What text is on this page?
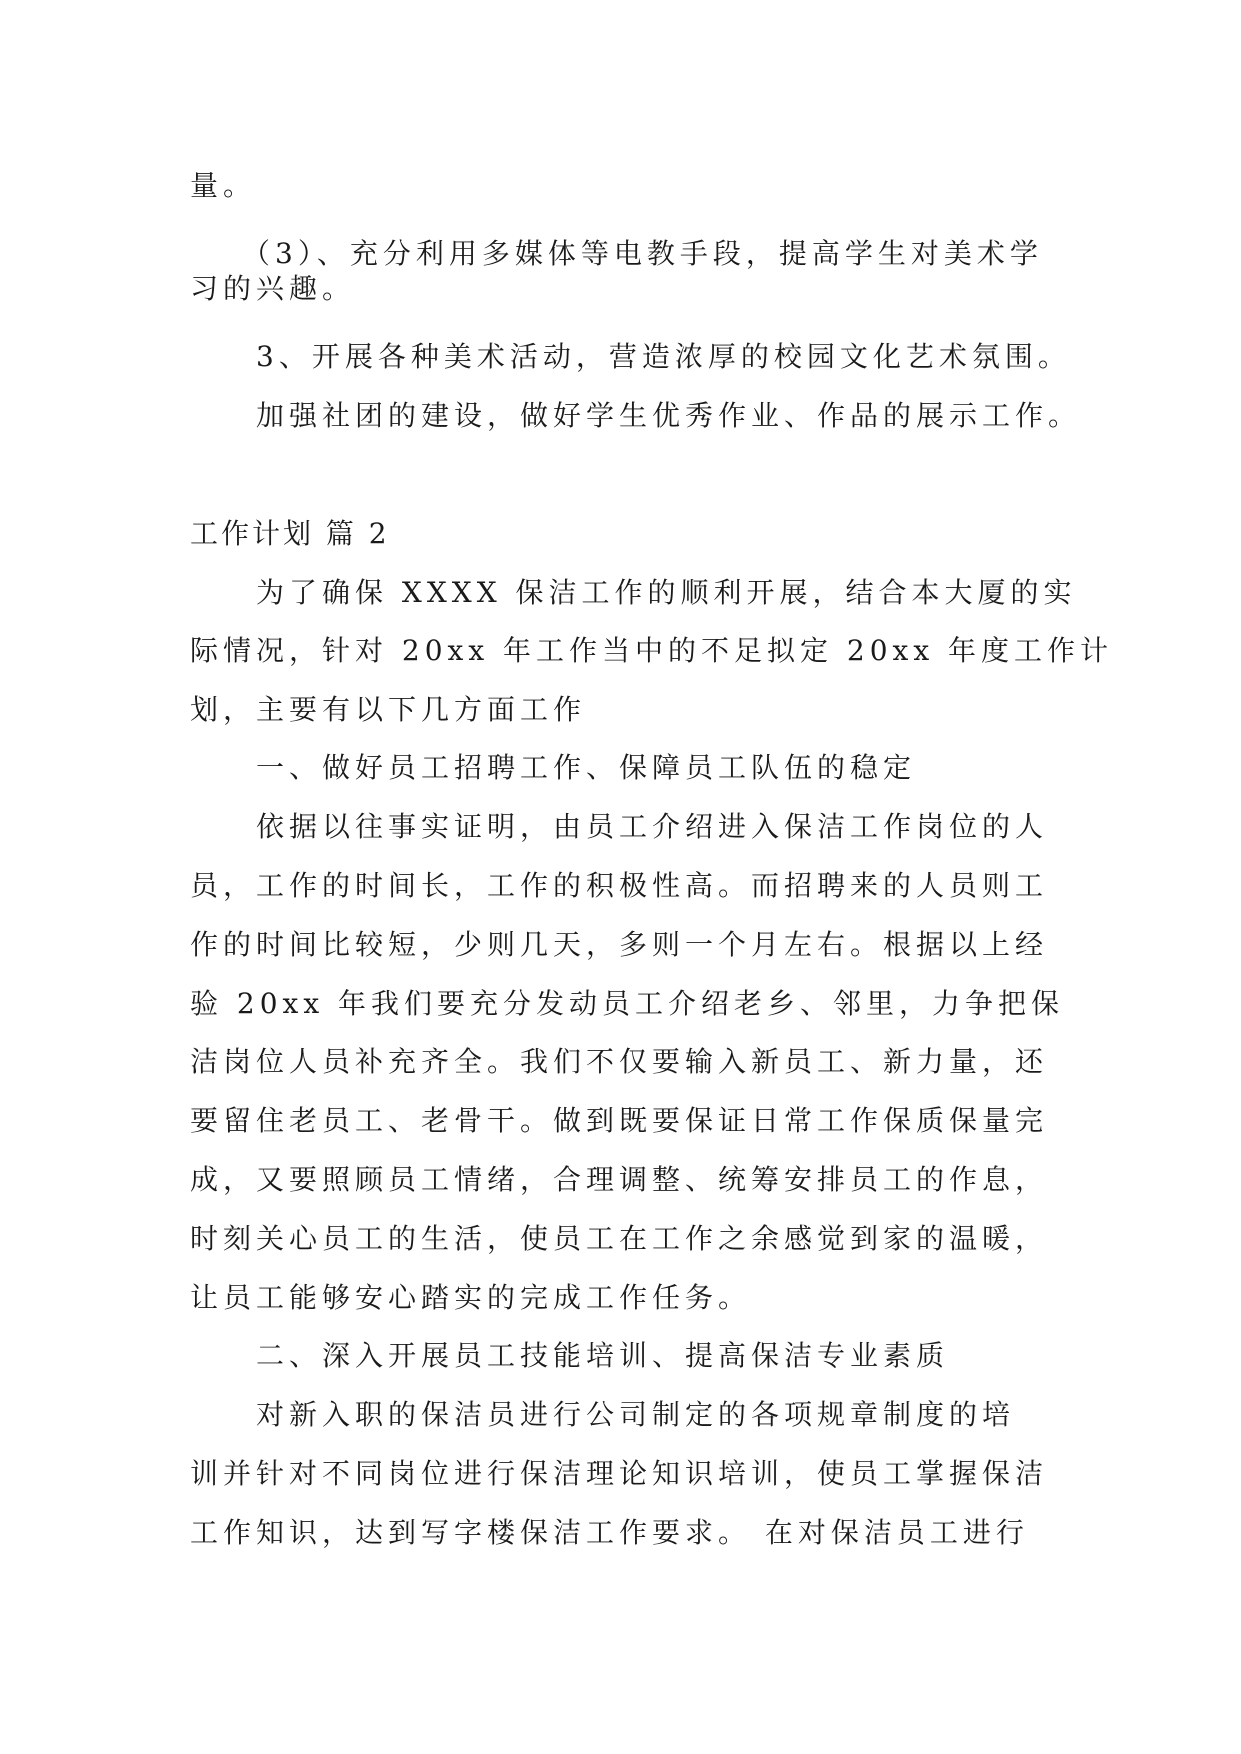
量。
（3）、充分利用多媒体等电教手段，提高学生对美术学
习的兴趣。
3、开展各种美术活动，营造浓厚的校园文化艺术氛围。
加强社团的建设，做好学生优秀作业、作品的展示工作。
工作计划 篇 2
为了确保 XXXX 保洁工作的顺利开展，结合本大厦的实
际情况，针对 20xx 年工作当中的不足拟定 20xx 年度工作计
划，主要有以下几方面工作
一、做好员工招聘工作、保障员工队伍的稳定
依据以往事实证明，由员工介绍进入保洁工作岗位的人
员，工作的时间长，工作的积极性高。而招聘来的人员则工
作的时间比较短，少则几天，多则一个月左右。根据以上经
验 20xx 年我们要充分发动员工介绍老乡、邻里，力争把保
洁岗位人员补充齐全。我们不仅要输入新员工、新力量，还
要留住老员工、老骨干。做到既要保证日常工作保质保量完
成，又要照顾员工情绪，合理调整、统筹安排员工的作息，
时刻关心员工的生活，使员工在工作之余感觉到家的温暖，
让员工能够安心踏实的完成工作任务。
二、深入开展员工技能培训、提高保洁专业素质
对新入职的保洁员进行公司制定的各项规章制度的培
训并针对不同岗位进行保洁理论知识培训，使员工掌握保洁
工作知识，达到写字楼保洁工作要求。 在对保洁员工进行
